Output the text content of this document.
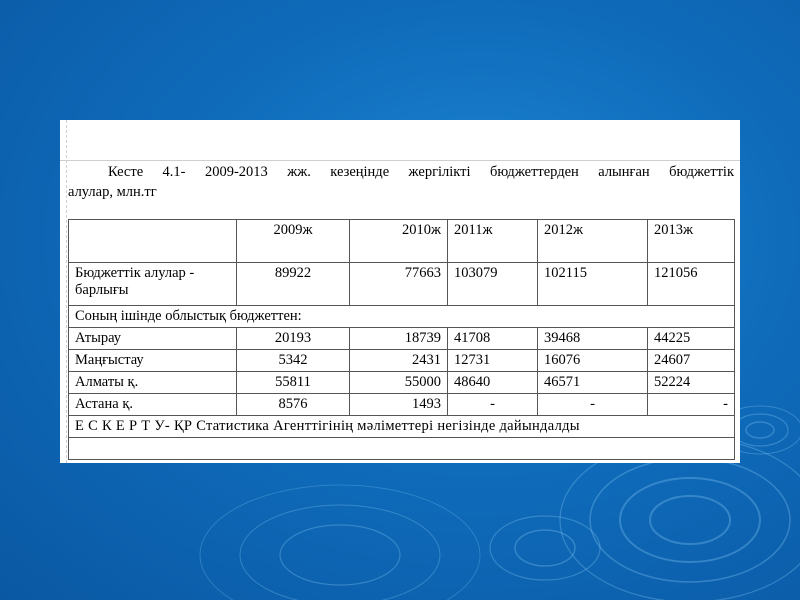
Кесте 4.1- 2009-2013 жж. кезеңінде жергілікті бюджеттерден алынған бюджеттік
алулар, млн.тг
	2009ж	2010ж	2011ж	2012ж	2013ж
Бюджеттік алулар - барлығы	89922	77663	103079	102115	121056
Соның ішінде облыстық бюджеттен:					
Атырау	20193	18739	41708	39468	44225
Маңғыстау	5342	2431	12731	16076	24607
Алматы қ.	55811	55000	48640	46571	52224
Астана қ.	8576	1493	-	-	-
Е С К Е Р Т У- ҚР Статистика Агенттігінің мәліметтері негізінде дайындалды					
